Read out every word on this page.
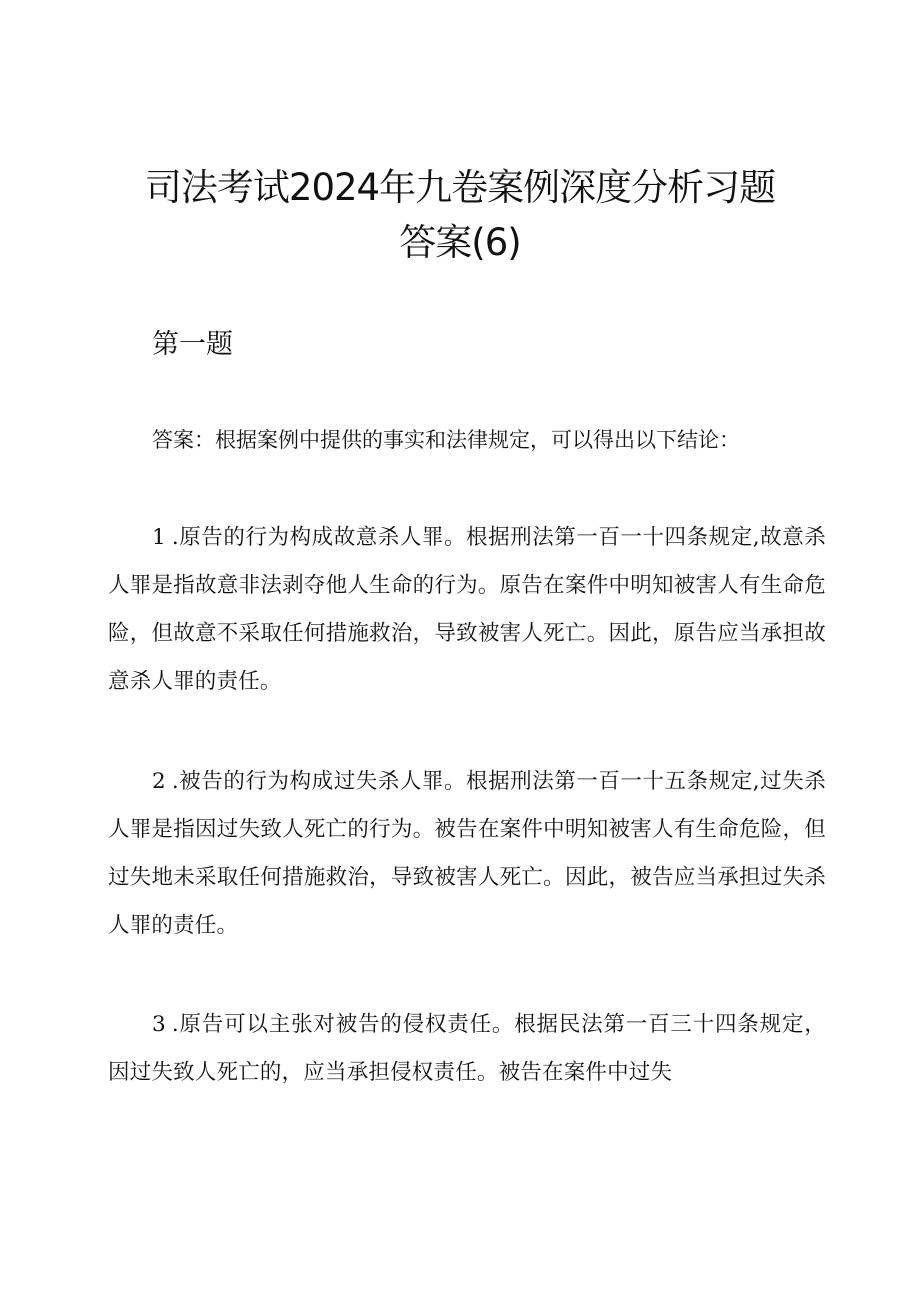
司法考试2024年九卷案例深度分析习题
答案(6)
第一题

答案：根据案例中提供的事实和法律规定，可以得出以下结论：

1 .原告的行为构成故意杀人罪。根据刑法第一百一十四条规定,故意杀人罪是指故意非法剥夺他人生命的行为。原告在案件中明知被害人有生命危险，但故意不采取任何措施救治，导致被害人死亡。因此，原告应当承担故意杀人罪的责任。

2 .被告的行为构成过失杀人罪。根据刑法第一百一十五条规定,过失杀人罪是指因过失致人死亡的行为。被告在案件中明知被害人有生命危险，但过失地未采取任何措施救治，导致被害人死亡。因此，被告应当承担过失杀人罪的责任。

3 .原告可以主张对被告的侵权责任。根据民法第一百三十四条规定，因过失致人死亡的，应当承担侵权责任。被告在案件中过失
